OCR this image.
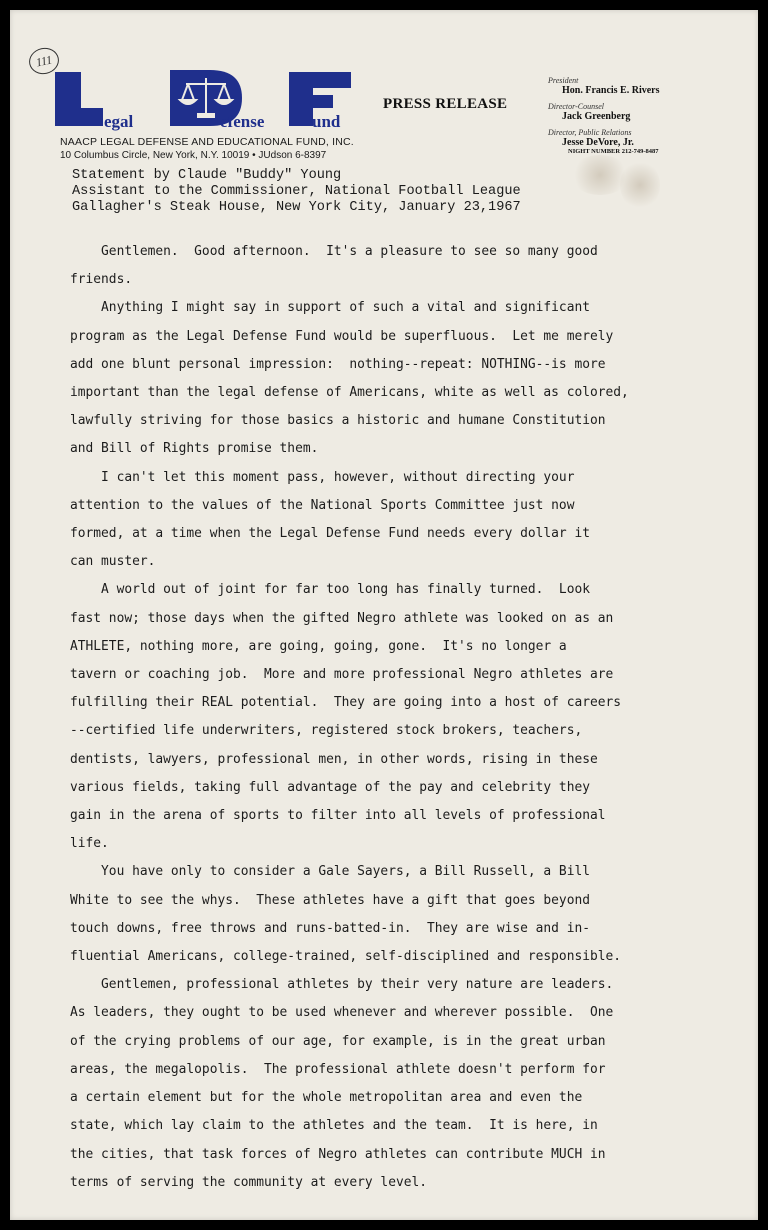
111
egal	efense	und
NAACP LEGAL DEFENSE AND EDUCATIONAL FUND, INC.
10 Columbus Circle, New York, N.Y. 10019 • JUdson 6-8397
PRESS RELEASE
President
Hon. Francis E. Rivers
Director-Counsel
Jack Greenberg
Director, Public Relations
Jesse DeVore, Jr.
NIGHT NUMBER 212-749-8487
Statement by Claude "Buddy" Young
Assistant to the Commissioner, National Football League
Gallagher's Steak House, New York City, January 23,1967
Gentlemen.  Good afternoon.  It's a pleasure to see so many good
friends.
Anything I might say in support of such a vital and significant
program as the Legal Defense Fund would be superfluous.  Let me merely
add one blunt personal impression:  nothing--repeat: NOTHING--is more
important than the legal defense of Americans, white as well as colored,
lawfully striving for those basics a historic and humane Constitution
and Bill of Rights promise them.
I can't let this moment pass, however, without directing your
attention to the values of the National Sports Committee just now
formed, at a time when the Legal Defense Fund needs every dollar it
can muster.
A world out of joint for far too long has finally turned.  Look
fast now; those days when the gifted Negro athlete was looked on as an
ATHLETE, nothing more, are going, going, gone.  It's no longer a
tavern or coaching job.  More and more professional Negro athletes are
fulfilling their REAL potential.  They are going into a host of careers
--certified life underwriters, registered stock brokers, teachers,
dentists, lawyers, professional men, in other words, rising in these
various fields, taking full advantage of the pay and celebrity they
gain in the arena of sports to filter into all levels of professional
life.
You have only to consider a Gale Sayers, a Bill Russell, a Bill
White to see the whys.  These athletes have a gift that goes beyond
touch downs, free throws and runs-batted-in.  They are wise and in-
fluential Americans, college-trained, self-disciplined and responsible.
Gentlemen, professional athletes by their very nature are leaders.
As leaders, they ought to be used whenever and wherever possible.  One
of the crying problems of our age, for example, is in the great urban
areas, the megalopolis.  The professional athlete doesn't perform for
a certain element but for the whole metropolitan area and even the
state, which lay claim to the athletes and the team.  It is here, in
the cities, that task forces of Negro athletes can contribute MUCH in
terms of serving the community at every level.
